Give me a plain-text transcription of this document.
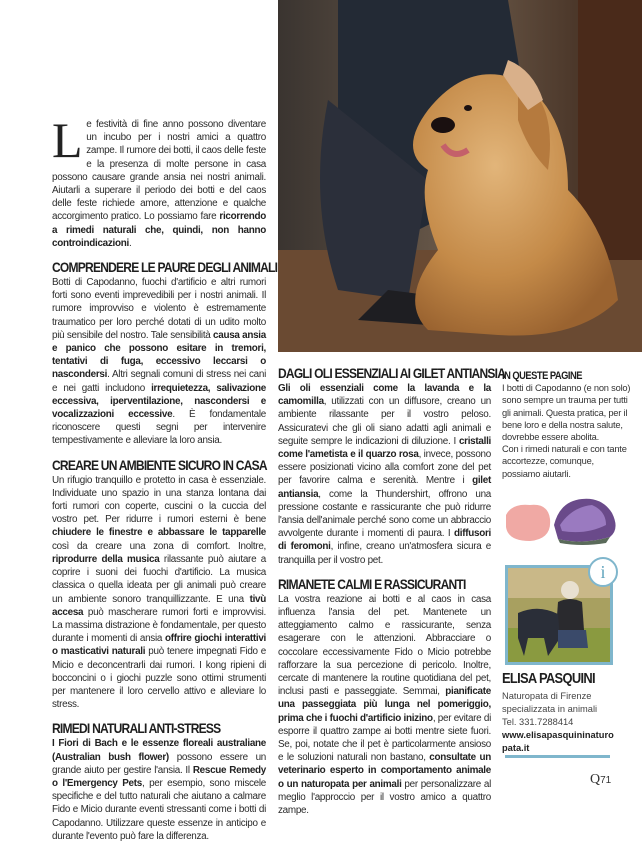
Le festività di fine anno possono diventare un incubo per i nostri amici a quattro zampe. Il rumore dei botti, il caos delle feste e la presenza di molte persone in casa possono causare grande ansia nei nostri animali. Aiutarli a superare il periodo dei botti e del caos delle feste richiede amore, attenzione e qualche accorgimento pratico. Lo possiamo fare ricorrendo a rimedi naturali che, quindi, non hanno controindicazioni.

COMPRENDERE LE PAURE DEGLI ANIMALI

Botti di Capodanno, fuochi d'artificio e altri rumori forti sono eventi imprevedibili per i nostri animali. Il rumore improvviso e violento è estremamente traumatico per loro perché dotati di un udito molto più sensibile del nostro. Tale sensibilità causa ansia e panico che possono esitare in tremori, tentativi di fuga, eccessivo leccarsi o nascondersi. Altri segnali comuni di stress nei cani e nei gatti includono irrequietezza, salivazione eccessiva, iperventilazione, nascondersi e vocalizzazioni eccessive. È fondamentale riconoscere questi segni per intervenire tempestivamente e alleviare la loro ansia.

CREARE UN AMBIENTE SICURO IN CASA

Un rifugio tranquillo e protetto in casa è essenziale. Individuate uno spazio in una stanza lontana dai forti rumori con coperte, cuscini o la cuccia del vostro pet. Per ridurre i rumori esterni è bene chiudere le finestre e abbassare le tapparelle così da creare una zona di comfort. Inoltre, riprodurre della musica rilassante può aiutare a coprire i suoni dei fuochi d'artificio. La musica classica o quella ideata per gli animali può creare un ambiente sonoro tranquillizzante. E una tivù accesa può mascherare rumori forti e improvvisi. La massima distrazione è fondamentale, per questo durante i momenti di ansia offrire giochi interattivi o masticativi naturali può tenere impegnati Fido e Micio e deconcentrarli dai rumori. I kong ripieni di bocconcini o i giochi puzzle sono ottimi strumenti per mantenere il loro cervello attivo e alleviare lo stress.

RIMEDI NATURALI ANTI-STRESS

I Fiori di Bach e le essenze floreali australiane (Australian bush flower) possono essere un grande aiuto per gestire l'ansia. Il Rescue Remedy o l'Emergency Pets, per esempio, sono miscele specifiche e del tutto naturali che aiutano a calmare Fido e Micio durante eventi stressanti come i botti di Capodanno. Utilizzare queste essenze in anticipo e durante l'evento può fare la differenza.

DAGLI OLI ESSENZIALI AI GILET ANTIANSIA

Gli oli essenziali come la lavanda e la camomilla, utilizzati con un diffusore, creano un ambiente rilassante per il vostro peloso. Assicuratevi che gli oli siano adatti agli animali e seguite sempre le indicazioni di diluzione. I cristalli come l'ametista e il quarzo rosa, invece, possono essere posizionati vicino alla comfort zone del pet per favorire calma e serenità. Mentre i gilet antiansia, come la Thundershirt, offrono una pressione costante e rassicurante che può ridurre l'ansia dell'animale perché sono come un abbraccio avvolgente durante i momenti di paura. I diffusori di feromoni, infine, creano un'atmosfera sicura e tranquilla per il vostro pet.

RIMANETE CALMI E RASSICURANTI

La vostra reazione ai botti e al caos in casa influenza l'ansia del pet. Mantenete un atteggiamento calmo e rassicurante, senza esagerare con le attenzioni. Abbracciare o coccolare eccessivamente Fido o Micio potrebbe rafforzare la sua percezione di pericolo. Inoltre, cercate di mantenere la routine quotidiana del pet, inclusi pasti e passeggiate. Semmai, pianificate una passeggiata più lunga nel pomeriggio, prima che i fuochi d'artificio inizino, per evitare di esporre il quattro zampe ai botti mentre siete fuori. Se, poi, notate che il pet è particolarmente ansioso e le soluzioni naturali non bastano, consultate un veterinario esperto in comportamento animale o un naturopata per animali per personalizzare al meglio l'approccio per il vostro amico a quattro zampe.

IN QUESTE PAGINE

I botti di Capodanno (e non solo) sono sempre un trauma per tutti gli animali. Questa pratica, per il bene loro e della nostra salute, dovrebbe essere abolita.

Con i rimedi naturali e con tante accortezze, comunque, possiamo aiutarli.

i
ELISA PASQUINI
Naturopata di Firenze
specializzata in animali
Tel. 331.7288414
www.elisapasquininaturopata.it
Q71
